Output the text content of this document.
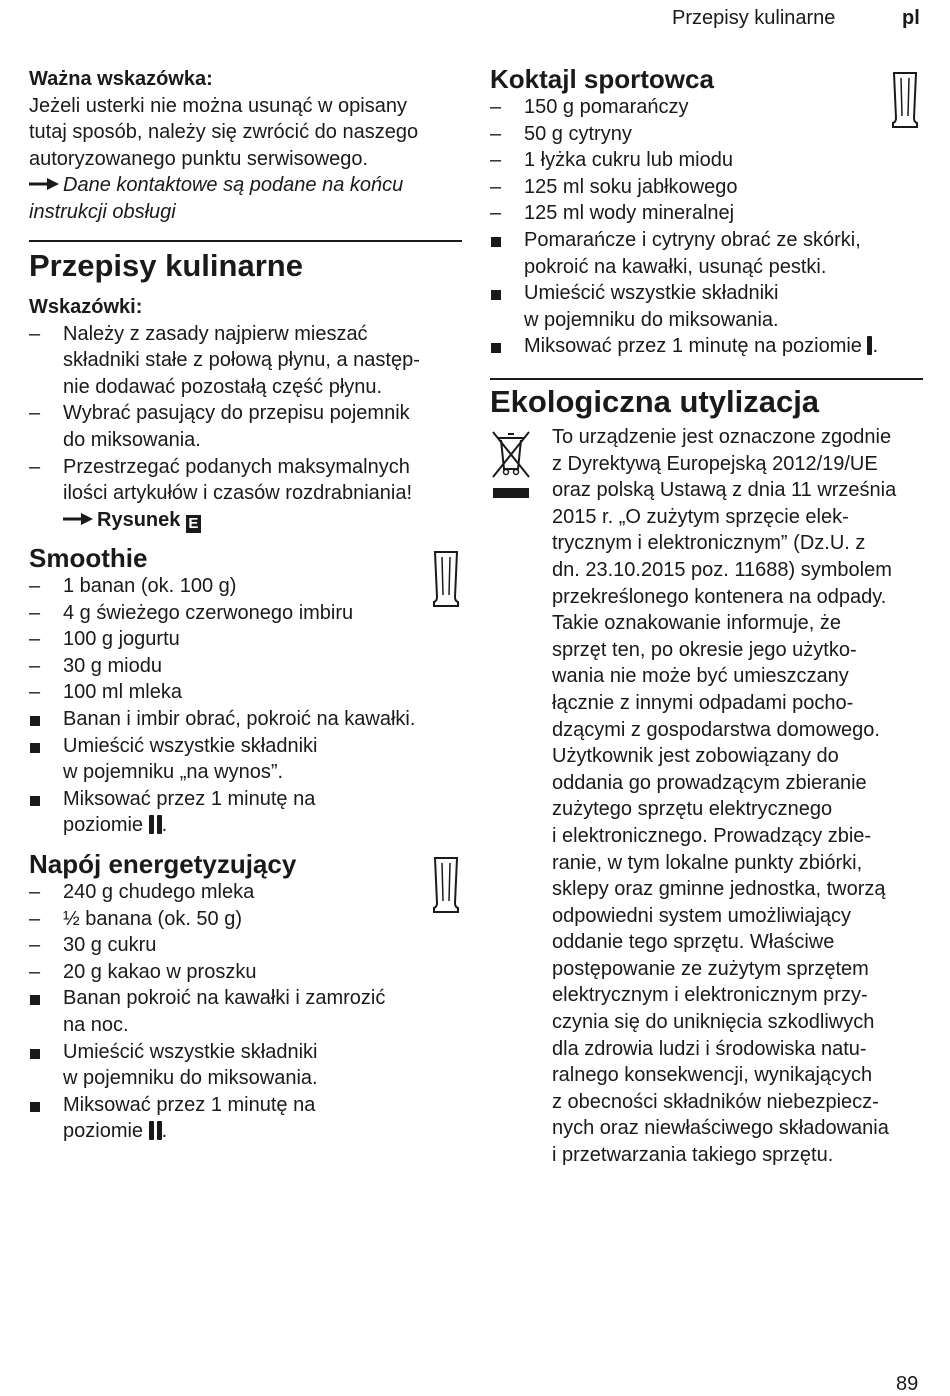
Przepisy kulinarne	pl

Ważna wskazówka:

Jeżeli usterki nie można usunąć w opisany

tutaj sposób, należy się zwrócić do naszego

autoryzowanego punktu serwisowego.

Dane kontaktowe są podane na końcu

instrukcji obsługi

Przepisy kulinarne

Wskazówki:

–	Należy z zasady najpierw mieszać

składniki stałe z połową płynu, a następ-

nie dodawać pozostałą część płynu.

–	Wybrać pasujący do przepisu pojemnik

do miksowania.

–	Przestrzegać podanych maksymalnych

ilości artykułów i czasów rozdrabniania!

Rysunek E

Smoothie
–	1 banan (ok. 100 g)

–	4 g świeżego czerwonego imbiru

–	100 g jogurtu

–	30 g miodu

–	100 ml mleka

Banan i imbir obrać, pokroić na kawałki.

Umieścić wszystkie składniki

w pojemniku „na wynos”.

Miksować przez 1 minutę na

poziomie .

Napój energetyzujący
–	240 g chudego mleka

–	½ banana (ok. 50 g)

–	30 g cukru

–	20 g kakao w proszku

Banan pokroić na kawałki i zamrozić

na noc.

Umieścić wszystkie składniki

w pojemniku do miksowania.

Miksować przez 1 minutę na

poziomie .

Koktajl sportowca
–	150 g pomarańczy

–	50 g cytryny

–	1 łyżka cukru lub miodu

–	125 ml soku jabłkowego

–	125 ml wody mineralnej

Pomarańcze i cytryny obrać ze skórki,

pokroić na kawałki, usunąć pestki.

Umieścić wszystkie składniki

w pojemniku do miksowania.

Miksować przez 1 minutę na poziomie .

Ekologiczna utylizacja

To urządzenie jest oznaczone zgodnie

z Dyrektywą Europejską 2012/19/UE

oraz polską Ustawą z dnia 11 września

2015 r. „O zużytym sprzęcie elek-

trycznym i elektronicznym” (Dz.U. z

dn. 23.10.2015 poz. 11688) symbolem

przekreślonego kontenera na odpady.

Takie oznakowanie informuje, że

sprzęt ten, po okresie jego użytko-

wania nie może być umieszczany

łącznie z innymi odpadami pocho-

dzącymi z gospodarstwa domowego.

Użytkownik jest zobowiązany do

oddania go prowadzącym zbieranie

zużytego sprzętu elektrycznego

i elektronicznego. Prowadzący zbie-

ranie, w tym lokalne punkty zbiórki,

sklepy oraz gminne jednostka, tworzą

odpowiedni system umożliwiający

oddanie tego sprzętu. Właściwe

postępowanie ze zużytym sprzętem

elektrycznym i elektronicznym przy-

czynia się do uniknięcia szkodliwych

dla zdrowia ludzi i środowiska natu-

ralnego konsekwencji, wynikających

z obecności składników niebezpiecz-

nych oraz niewłaściwego składowania

i przetwarzania takiego sprzętu.

89
